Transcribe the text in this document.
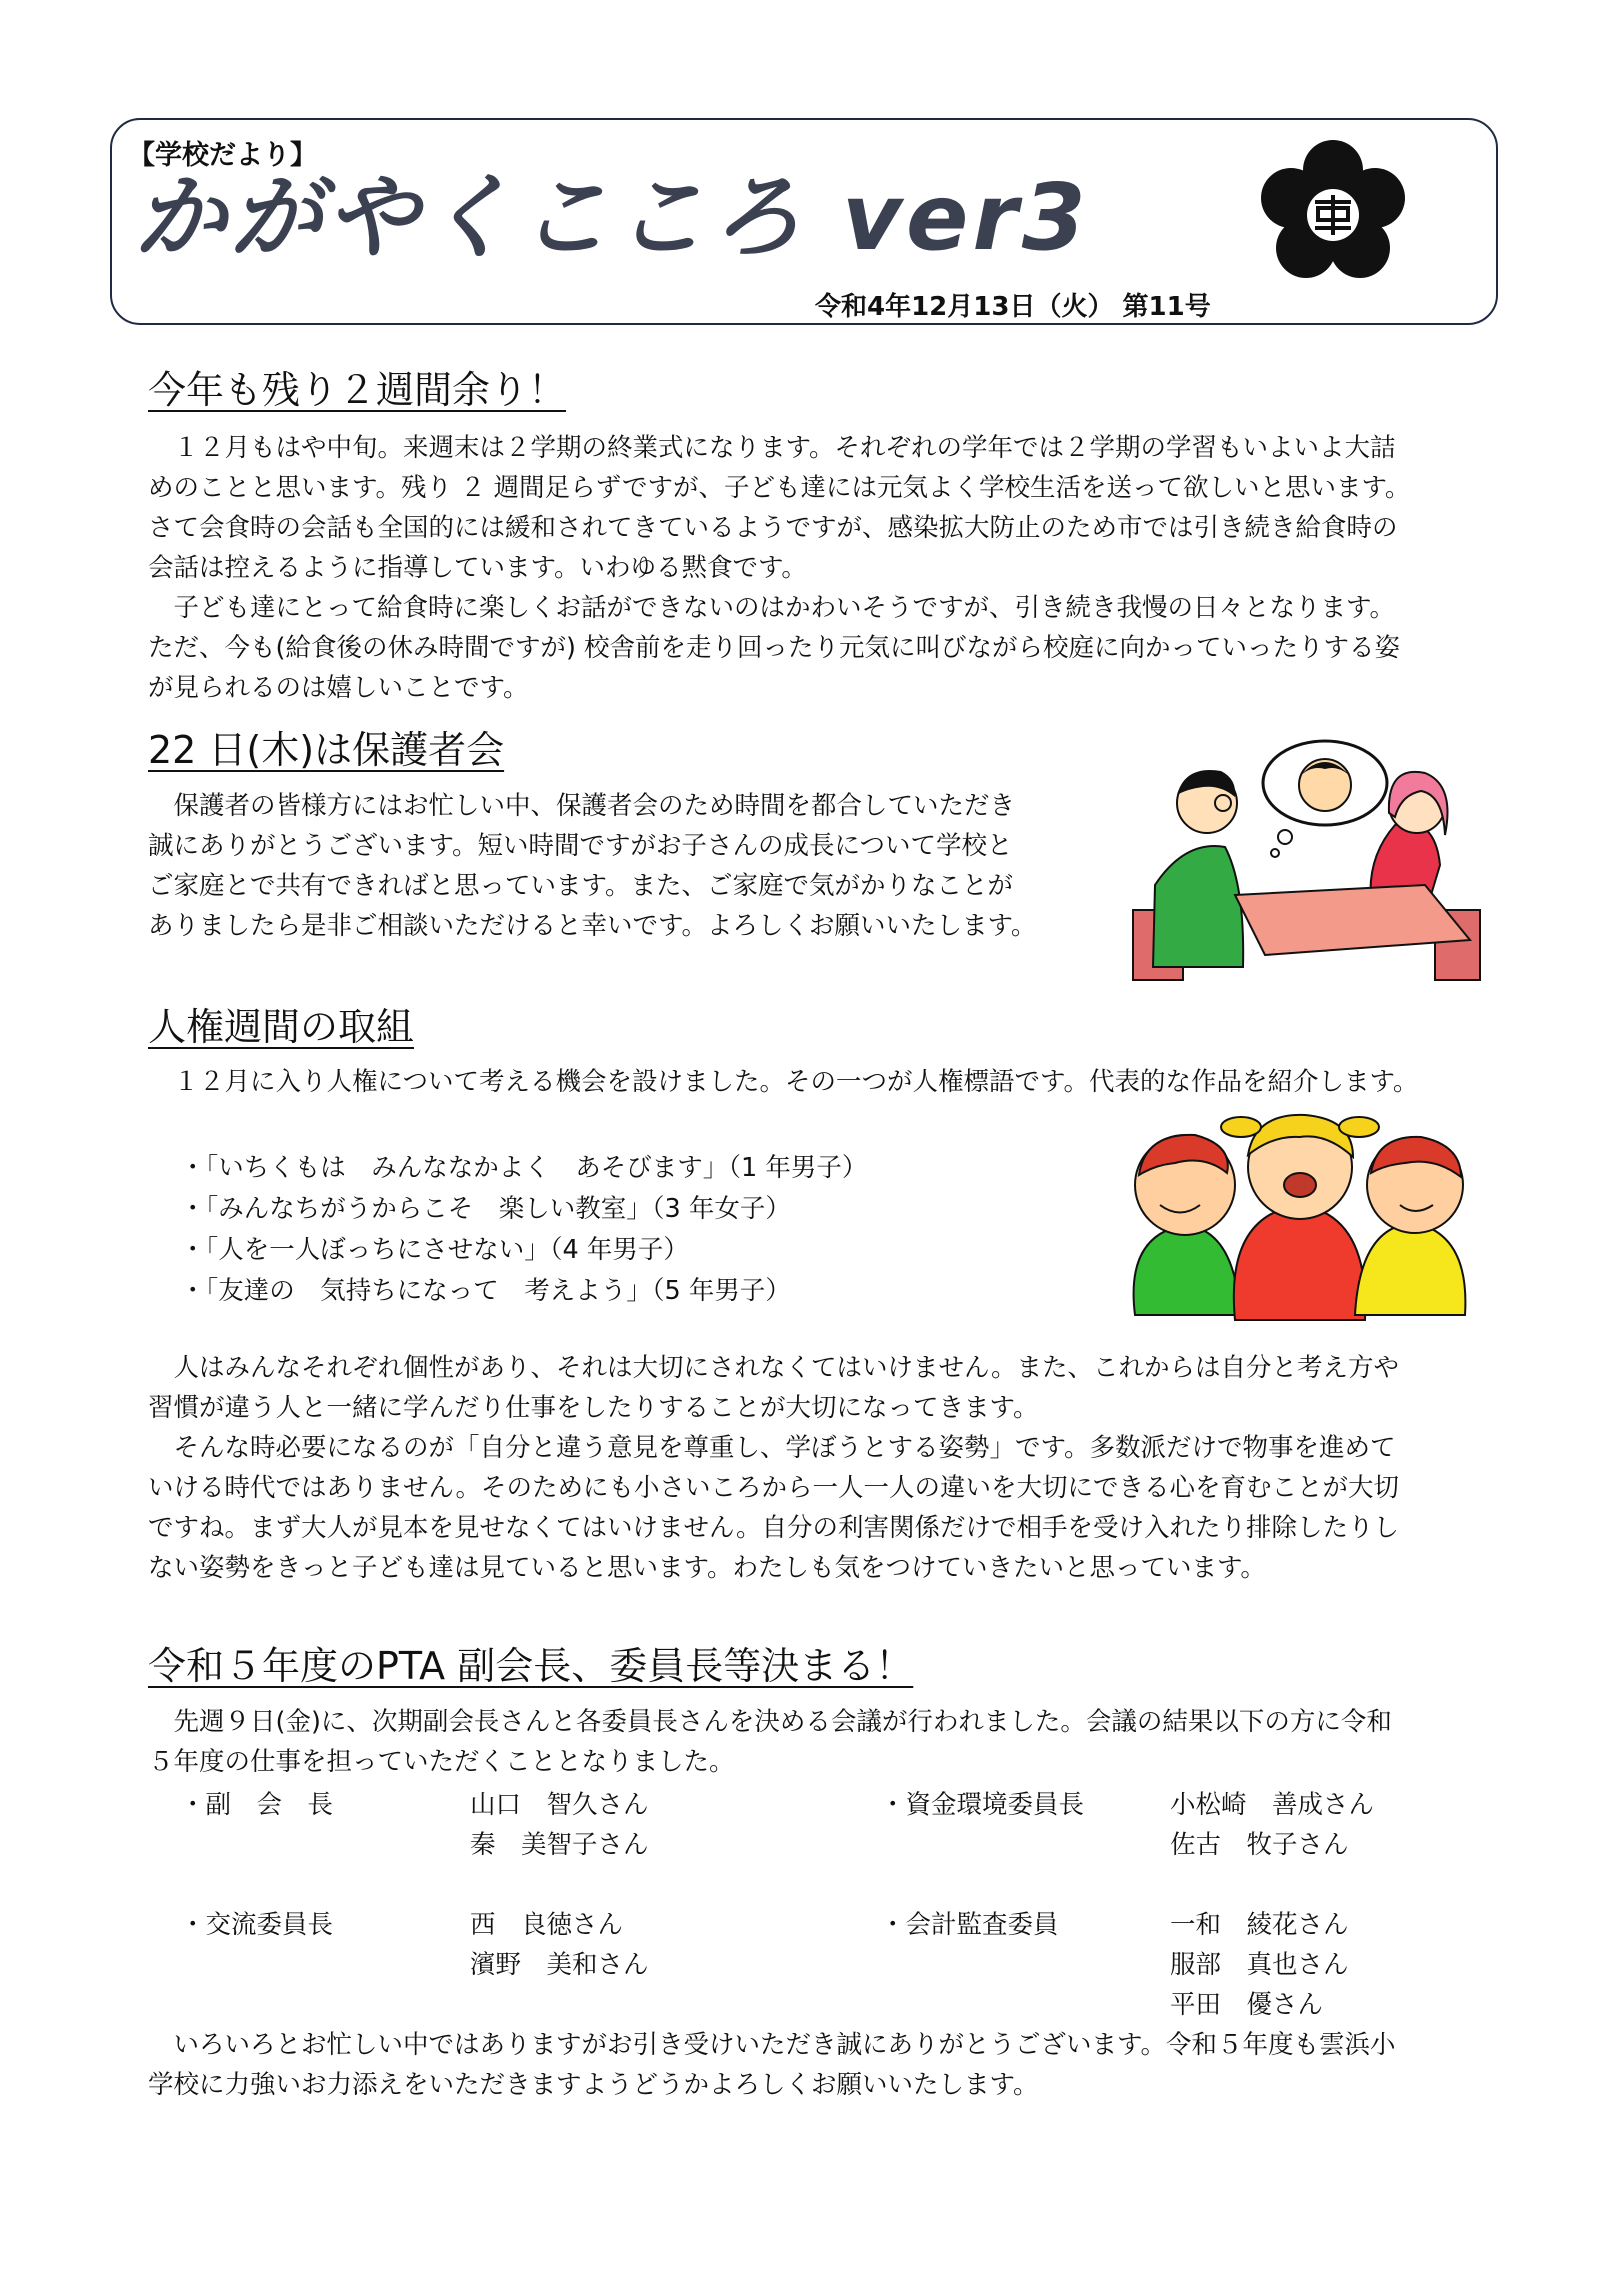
【学校だより】
かがやくこころ ver3
令和4年12月13日（火） 第11号
今年も残り２週間余り！

　１２月もはや中旬。来週末は２学期の終業式になります。それぞれの学年では２学期の学習もいよいよ大詰
めのことと思います。残り ２ 週間足らずですが、子ども達には元気よく学校生活を送って欲しいと思います。
さて会食時の会話も全国的には緩和されてきているようですが、感染拡大防止のため市では引き続き給食時の
会話は控えるように指導しています。いわゆる黙食です。
　子ども達にとって給食時に楽しくお話ができないのはかわいそうですが、引き続き我慢の日々となります。
ただ、今も(給食後の休み時間ですが) 校舎前を走り回ったり元気に叫びながら校庭に向かっていったりする姿
が見られるのは嬉しいことです。

22 日(木)は保護者会

　保護者の皆様方にはお忙しい中、保護者会のため時間を都合していただき
誠にありがとうございます。短い時間ですがお子さんの成長について学校と
ご家庭とで共有できればと思っています。また、ご家庭で気がかりなことが
ありましたら是非ご相談いただけると幸いです。よろしくお願いいたします。

人権週間の取組

　１２月に入り人権について考える機会を設けました。その一つが人権標語です。代表的な作品を紹介します。

・「いちくもは　みんななかよく　あそびます」（1 年男子）
・「みんなちがうからこそ　楽しい教室」（3 年女子）
・「人を一人ぼっちにさせない」（4 年男子）
・「友達の　気持ちになって　考えよう」（5 年男子）

　人はみんなそれぞれ個性があり、それは大切にされなくてはいけません。また、これからは自分と考え方や
習慣が違う人と一緒に学んだり仕事をしたりすることが大切になってきます。
　そんな時必要になるのが「自分と違う意見を尊重し、学ぼうとする姿勢」です。多数派だけで物事を進めて
いける時代ではありません。そのためにも小さいころから一人一人の違いを大切にできる心を育むことが大切
ですね。まず大人が見本を見せなくてはいけません。自分の利害関係だけで相手を受け入れたり排除したりし
ない姿勢をきっと子ども達は見ていると思います。わたしも気をつけていきたいと思っています。

令和５年度のPTA 副会長、委員長等決まる！

　先週９日(金)に、次期副会長さんと各委員長さんを決める会議が行われました。会議の結果以下の方に令和
５年度の仕事を担っていただくこととなりました。

・副　会　長	山口　智久さん
秦　美智子さん
・資金環境委員長	小松崎　善成さん
佐古　牧子さん
・交流委員長	西　良徳さん
濱野　美和さん
・会計監査委員	一和　綾花さん
服部　真也さん
平田　優さん

　いろいろとお忙しい中ではありますがお引き受けいただき誠にありがとうございます。令和５年度も雲浜小
学校に力強いお力添えをいただきますようどうかよろしくお願いいたします。
